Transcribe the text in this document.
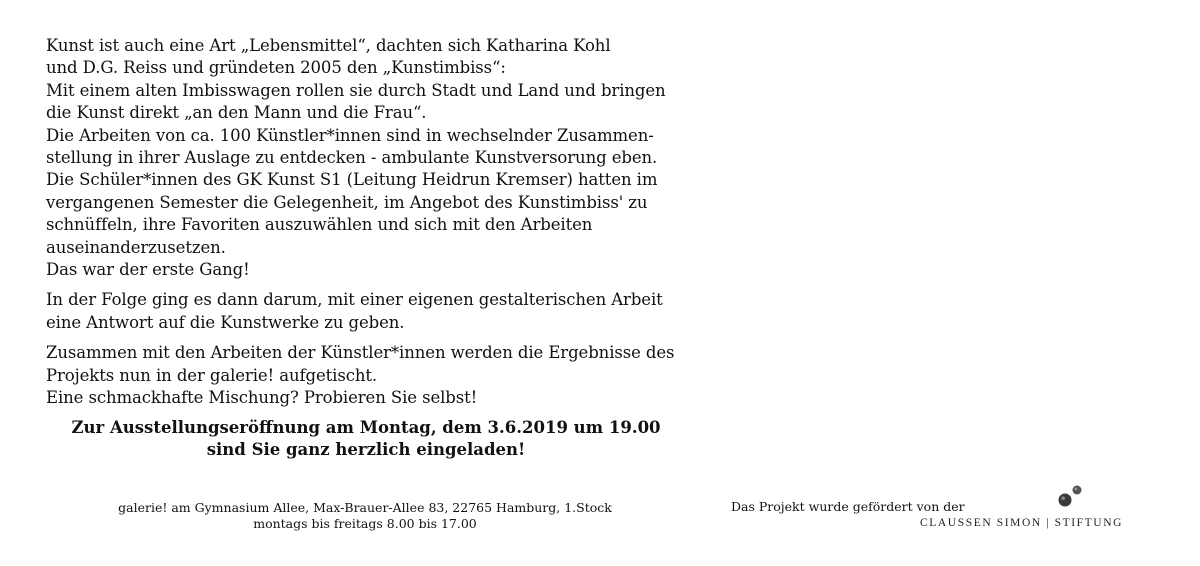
Kunst ist auch eine Art „Lebensmittel“, dachten sich Katharina Kohl
und D.G. Reiss und gründeten 2005 den „Kunstimbiss“:
Mit einem alten Imbisswagen rollen sie durch Stadt und Land und bringen
die Kunst direkt „an den Mann und die Frau“.
Die Arbeiten von ca. 100 Künstler*innen sind in wechselnder Zusammen-
stellung in ihrer Auslage zu entdecken - ambulante Kunstversorung eben.
Die Schüler*innen des GK Kunst S1 (Leitung Heidrun Kremser) hatten im
vergangenen Semester die Gelegenheit, im Angebot des Kunstimbiss' zu
schnüffeln, ihre Favoriten auszuwählen und sich mit den Arbeiten
auseinanderzusetzen.
Das war der erste Gang!

In der Folge ging es dann darum, mit einer eigenen gestalterischen Arbeit
eine Antwort auf die Kunstwerke zu geben.

Zusammen mit den Arbeiten der Künstler*innen werden die Ergebnisse des
Projekts nun in der galerie! aufgetischt.
Eine schmackhafte Mischung? Probieren Sie selbst!

Zur Ausstellungseröffnung am Montag, dem 3.6.2019 um 19.00
sind Sie ganz herzlich eingeladen!
galerie! am Gymnasium Allee, Max-Brauer-Allee 83, 22765 Hamburg, 1.Stock
montags bis freitags 8.00 bis 17.00
Das Projekt wurde gefördert von der
CLAUSSEN SIMON | STIFTUNG
